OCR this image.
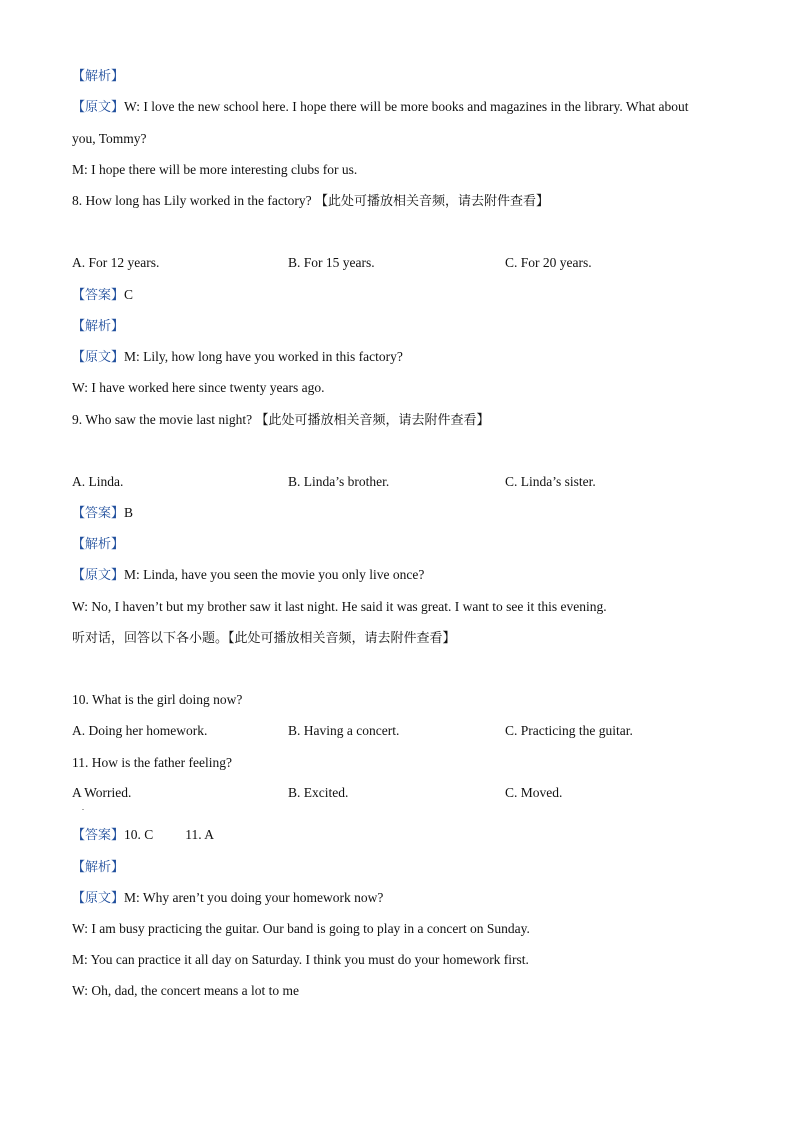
【解析】
【原文】W: I love the new school here. I hope there will be more books and magazines in the library. What about
you, Tommy?
M: I hope there will be more interesting clubs for us.
8. How long has Lily worked in the factory? 【此处可播放相关音频，请去附件查看】
A. For 12 years.	B. For 15 years.	C. For 20 years.
【答案】C
【解析】
【原文】M: Lily, how long have you worked in this factory?
W: I have worked here since twenty years ago.
9. Who saw the movie last night? 【此处可播放相关音频，请去附件查看】
A. Linda.	B. Linda’s brother.	C. Linda’s sister.
【答案】B
【解析】
【原文】M: Linda, have you seen the movie you only live once?
W: No, I haven’t but my brother saw it last night. He said it was great. I want to see it this evening.
听对话，回答以下各小题。【此处可播放相关音频，请去附件查看】
10. What is the girl doing now?
A. Doing her homework.	B. Having a concert.	C. Practicing the guitar.
11. How is the father feeling?
A Worried.	B. Excited.	C. Moved.
.
【答案】10. C 11. A
【解析】
【原文】M: Why aren’t you doing your homework now?
W: I am busy practicing the guitar. Our band is going to play in a concert on Sunday.
M: You can practice it all day on Saturday. I think you must do your homework first.
W: Oh, dad, the concert means a lot to me
